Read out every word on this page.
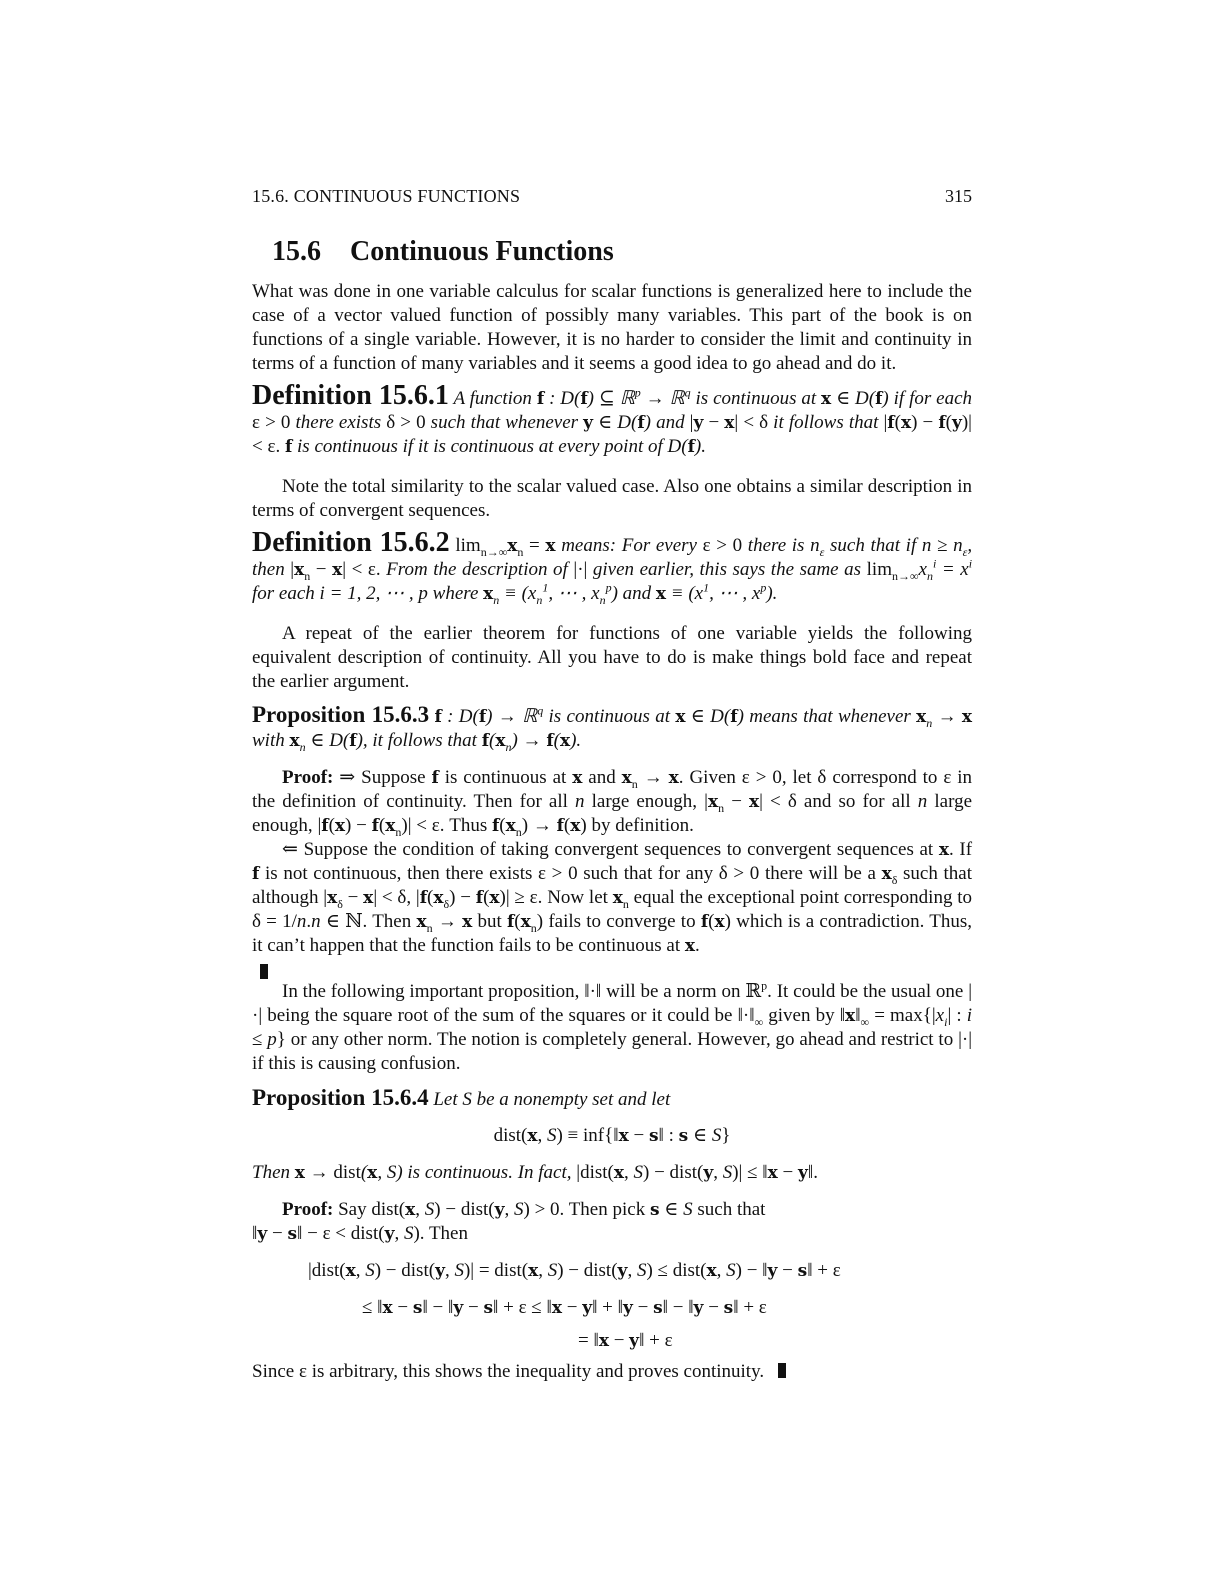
15.6. CONTINUOUS FUNCTIONS	315
15.6 Continuous Functions

What was done in one variable calculus for scalar functions is generalized here to include the case of a vector valued function of possibly many variables. This part of the book is on functions of a single variable. However, it is no harder to consider the limit and continuity in terms of a function of many variables and it seems a good idea to go ahead and do it.

Definition 15.6.1 A function f : D(f) ⊆ ℝ$^p$ → ℝ$^q$ is continuous at x ∈ D(f) if for each ε > 0 there exists δ > 0 such that whenever y ∈ D(f) and |y − x| < δ it follows that |f(x) − f(y)| < ε. f is continuous if it is continuous at every point of D(f).

Note the total similarity to the scalar valued case. Also one obtains a similar description in terms of convergent sequences.

Definition 15.6.2 $\lim_{n\to\infty}x_n = x$ means: For every ε > 0 there is $n_\varepsilon$ such that if $n \ge n_\varepsilon$, then $|x_n - x| < \varepsilon$. From the description of |·| given earlier, this says the same as $\lim_{n\to\infty}x_n^i = x^i$ for each i = 1, 2, ⋯ , p where $x_n \equiv (x_n^1$, ⋯ , $x_n^p$) and $x \equiv (x^1$, ⋯ , $x^p$).

A repeat of the earlier theorem for functions of one variable yields the following equivalent description of continuity. All you have to do is make things bold face and repeat the earlier argument.

Proposition 15.6.3 f : D(f) → ℝ$^q$ is continuous at x ∈ D(f) means that whenever $x_n \to x$ with $x_n$ ∈ D(f), it follows that $f(x_n) \to f(x)$.

Proof: ⇒ Suppose f is continuous at x and $x_n \to x$. Given ε > 0, let δ correspond to ε in the definition of continuity. Then for all n large enough, $|x_n - x| < \delta$ and so for all n large enough, $|f(x) - f(x_n)| < \varepsilon$. Thus $f(x_n) \to f(x)$ by definition.

⇐ Suppose the condition of taking convergent sequences to convergent sequences at x. If f is not continuous, then there exists ε > 0 such that for any δ > 0 there will be a $x_\delta$ such that although $|x_\delta - x| < \delta$, $|f(x_\delta) - f(x)| \ge \varepsilon$. Now let $x_n$ equal the exceptional point corresponding to δ = 1/n.n ∈ ℕ. Then $x_n \to x$ but $f(x_n)$ fails to converge to f(x) which is a contradiction. Thus, it can’t happen that the function fails to be continuous at x.

In the following important proposition, ‖·‖ will be a norm on ℝ$^p$. It could be the usual one |·| being the square root of the sum of the squares or it could be $‖\cdot‖_\infty$ given by $‖x‖_\infty = \max\{|x_i|$ : i ≤ p} or any other norm. The notion is completely general. However, go ahead and restrict to |·| if this is causing confusion.

Proposition 15.6.4 Let S be a nonempty set and let

dist(x, S) ≡ inf{‖x − s‖ : s ∈ S}

Then x → dist(x, S) is continuous. In fact, |dist(x, S) − dist(y, S)| ≤ ‖x − y‖.

Proof: Say dist(x, S) − dist(y, S) > 0. Then pick s ∈ S such that

‖y − s‖ − ε < dist(y, S). Then

|dist(x, S) − dist(y, S)| = dist(x, S) − dist(y, S) ≤ dist(x, S) − ‖y − s‖ + ε

≤ ‖x − s‖ − ‖y − s‖ + ε ≤ ‖x − y‖ + ‖y − s‖ − ‖y − s‖ + ε

= ‖x − y‖ + ε

Since ε is arbitrary, this shows the inequality and proves continuity.
